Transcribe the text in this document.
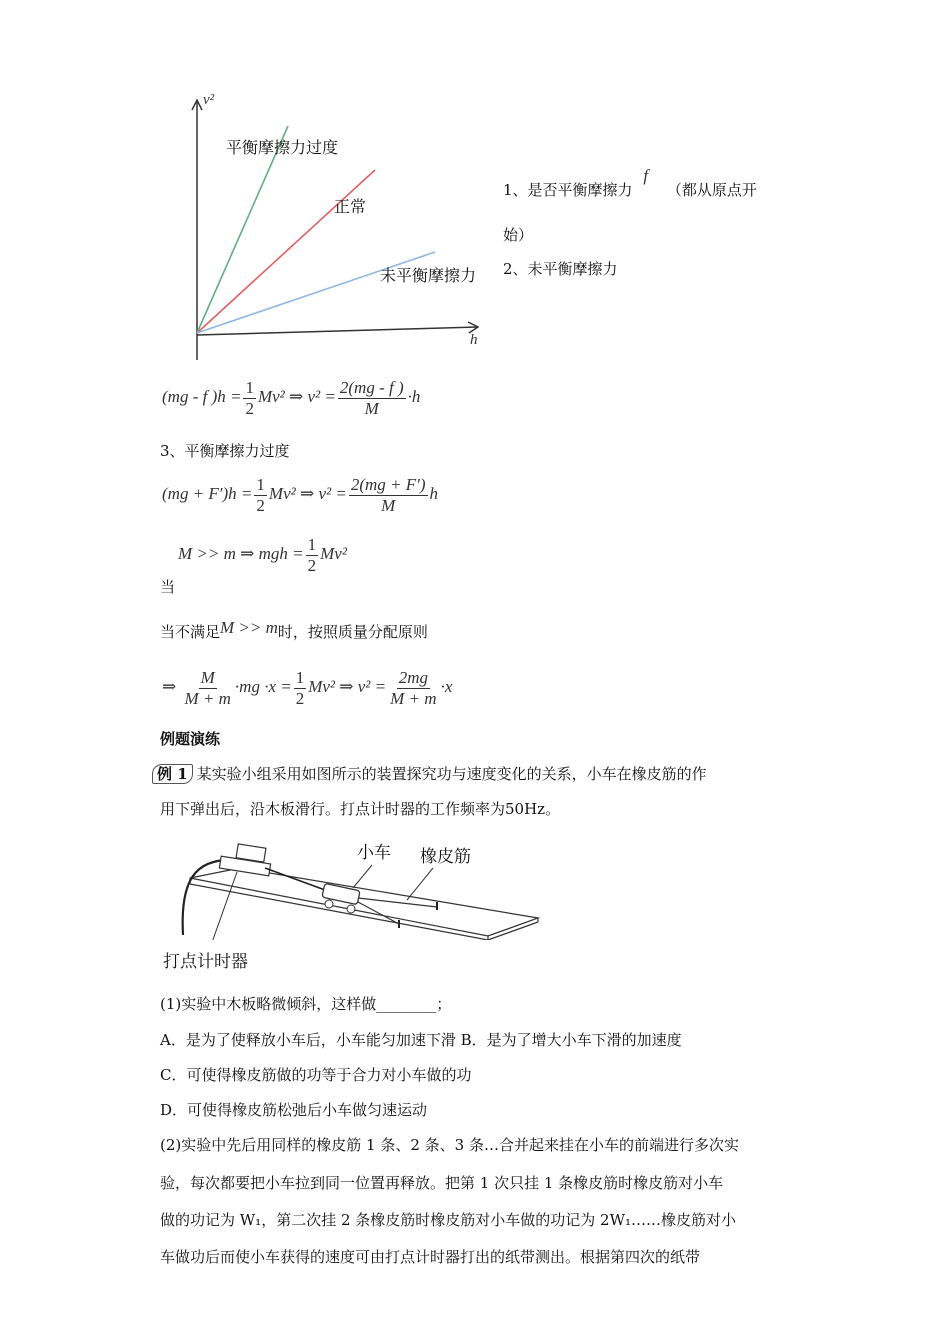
v²
h
平衡摩擦力过度
正常
未平衡摩擦力
1、是否平衡摩擦力 f （都从原点开
始）
2、未平衡摩擦力
(mg - f )$h = \frac{1}{2} Mv^2$ ⇒ $v^2 = \frac{2(mg - f )}{M} \cdot h$
3、平衡摩擦力过度
$(mg + F')h = \frac{1}{2} Mv^2$ ⇒ $v^2 = \frac{2(mg + F')}{M}$ h
M >> m ⇒ mgh = $\frac{1}{2} Mv^2$
当
当不满足M >> m时，按照质量分配原则
⇒ $\frac{M}{M + m} \cdot mg \cdot x = \frac{1}{2} Mv^2$ ⇒ $v^2 = \frac{2mg}{M + m} \cdot x$
例题演练
例 1 某实验小组采用如图所示的装置探究功与速度变化的关系，小车在橡皮筋的作
用下弹出后，沿木板滑行。打点计时器的工作频率为50Hz。
小车 橡皮筋
打点计时器
(1)实验中木板略微倾斜，这样做________；
A．是为了使释放小车后，小车能匀加速下滑 B．是为了增大小车下滑的加速度
C．可使得橡皮筋做的功等于合力对小车做的功
D．可使得橡皮筋松弛后小车做匀速运动
(2)实验中先后用同样的橡皮筋 1 条、2 条、3 条…合并起来挂在小车的前端进行多次实
验，每次都要把小车拉到同一位置再释放。把第 1 次只挂 1 条橡皮筋时橡皮筋对小车
做的功记为 W₁，第二次挂 2 条橡皮筋时橡皮筋对小车做的功记为 2W₁……橡皮筋对小
车做功后而使小车获得的速度可由打点计时器打出的纸带测出。根据第四次的纸带
